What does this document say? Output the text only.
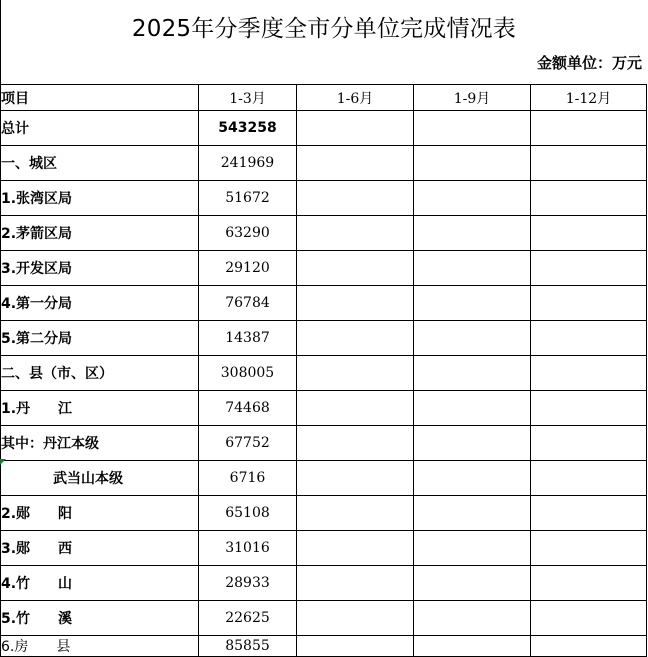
2025年分季度全市分单位完成情况表
金额单位：万元
项目	1-3月	1-6月	1-9月	1-12月
总计	543258			
一、城区	241969			
1.张湾区局	51672			
2.茅箭区局	63290			
3.开发区局	29120			
4.第一分局	76784			
5.第二分局	14387			
二、县（市、区）	308005			
1.丹　　江	74468			
其中：丹江本级	67752			
武当山本级	6716			
2.郧　　阳	65108			
3.郧　　西	31016			
4.竹　　山	28933			
5.竹　　溪	22625			
6.房　　县	85855			
